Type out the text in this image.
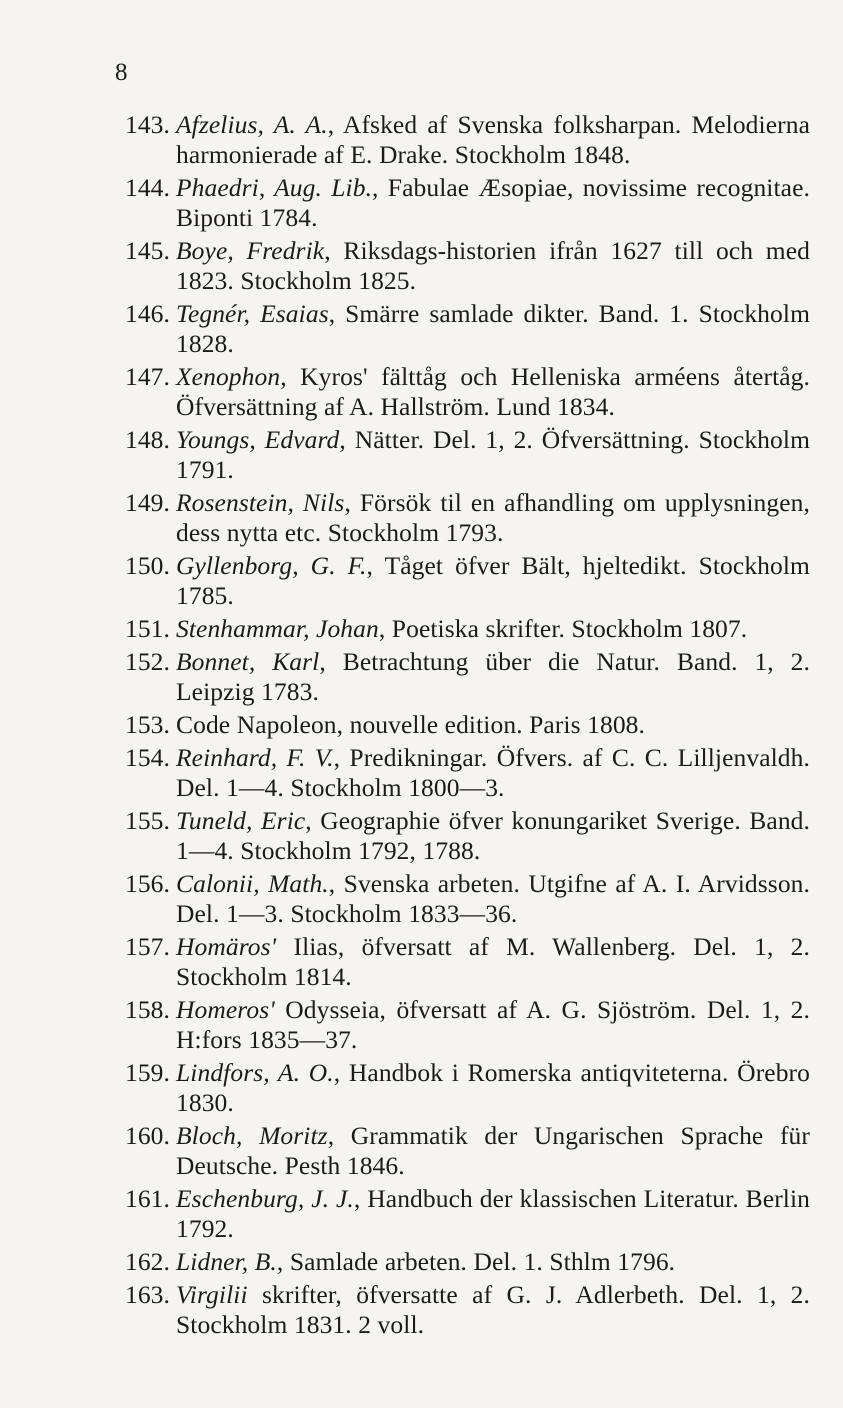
8
143. Afzelius, A. A., Afsked af Svenska folksharpan. Melodierna harmonierade af E. Drake. Stockholm 1848.
144. Phaedri, Aug. Lib., Fabulae Æsopiae, novissime recognitae. Biponti 1784.
145. Boye, Fredrik, Riksdags-historien ifrån 1627 till och med 1823. Stockholm 1825.
146. Tegnér, Esaias, Smärre samlade dikter. Band. 1. Stockholm 1828.
147. Xenophon, Kyros' fälttåg och Helleniska arméens återtåg. Öfversättning af A. Hallström. Lund 1834.
148. Youngs, Edvard, Nätter. Del. 1, 2. Öfversättning. Stockholm 1791.
149. Rosenstein, Nils, Försök til en afhandling om upplysningen, dess nytta etc. Stockholm 1793.
150. Gyllenborg, G. F., Tåget öfver Bält, hjeltedikt. Stockholm 1785.
151. Stenhammar, Johan, Poetiska skrifter. Stockholm 1807.
152. Bonnet, Karl, Betrachtung über die Natur. Band. 1, 2. Leipzig 1783.
153. Code Napoleon, nouvelle edition. Paris 1808.
154. Reinhard, F. V., Predikningar. Öfvers. af C. C. Lilljenvaldh. Del. 1—4. Stockholm 1800—3.
155. Tuneld, Eric, Geographie öfver konungariket Sverige. Band. 1—4. Stockholm 1792, 1788.
156. Calonii, Math., Svenska arbeten. Utgifne af A. I. Arvidsson. Del. 1—3. Stockholm 1833—36.
157. Homäros' Ilias, öfversatt af M. Wallenberg. Del. 1, 2. Stockholm 1814.
158. Homeros' Odysseia, öfversatt af A. G. Sjöström. Del. 1, 2. H:fors 1835—37.
159. Lindfors, A. O., Handbok i Romerska antiqviteterna. Örebro 1830.
160. Bloch, Moritz, Grammatik der Ungarischen Sprache für Deutsche. Pesth 1846.
161. Eschenburg, J. J., Handbuch der klassischen Literatur. Berlin 1792.
162. Lidner, B., Samlade arbeten. Del. 1. Sthlm 1796.
163. Virgilii skrifter, öfversatte af G. J. Adlerbeth. Del. 1, 2. Stockholm 1831. 2 voll.
